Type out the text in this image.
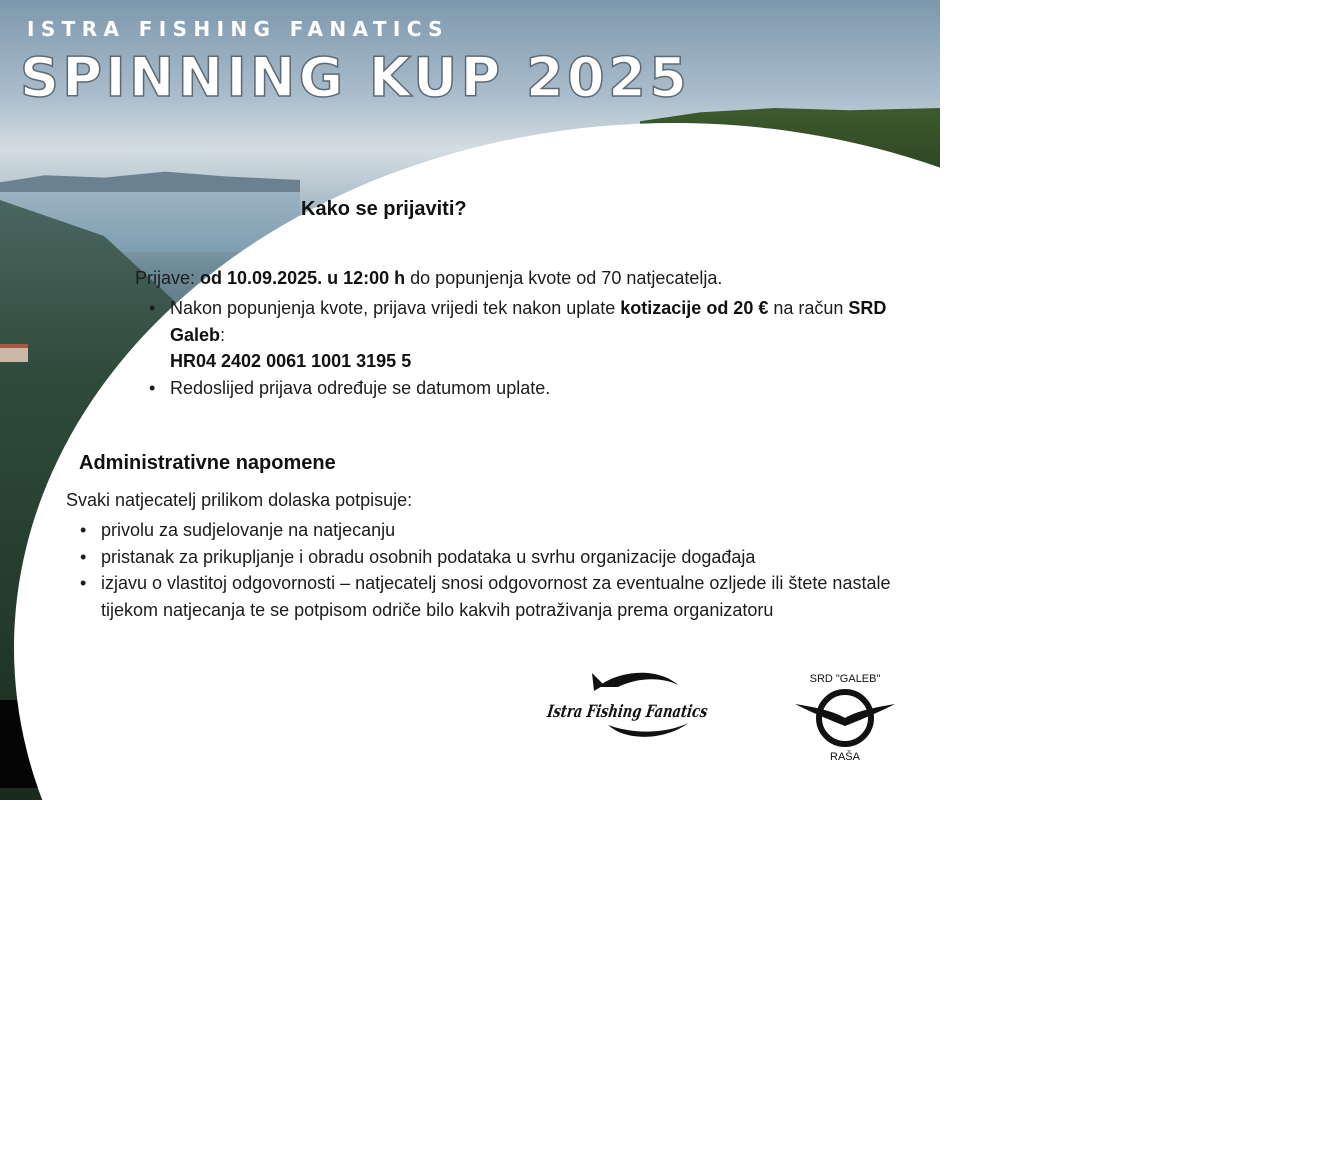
ISTRA FISHING FANATICS
SPINNING KUP 2025
Kako se prijaviti?

Prijave: od 10.09.2025. u 12:00 h do popunjenja kvote od 70 natjecatelja.

• Nakon popunjenja kvote, prijava vrijedi tek nakon uplate kotizacije od 20 € na račun SRD Galeb:
HR04 2402 0061 1001 3195 5
• Redoslijed prijava određuje se datumom uplate.
Administrativne napomene

Svaki natjecatelj prilikom dolaska potpisuje:

• privolu za sudjelovanje na natjecanju
• pristanak za prikupljanje i obradu osobnih podataka u svrhu organizacije događaja
• izjavu o vlastitoj odgovornosti – natjecatelj snosi odgovornost za eventualne ozljede ili štete nastale tijekom natjecanja te se potpisom odriče bilo kakvih potraživanja prema organizatoru
Istra Fishing Fanatics
SRD "GALEB"
RAŠA
